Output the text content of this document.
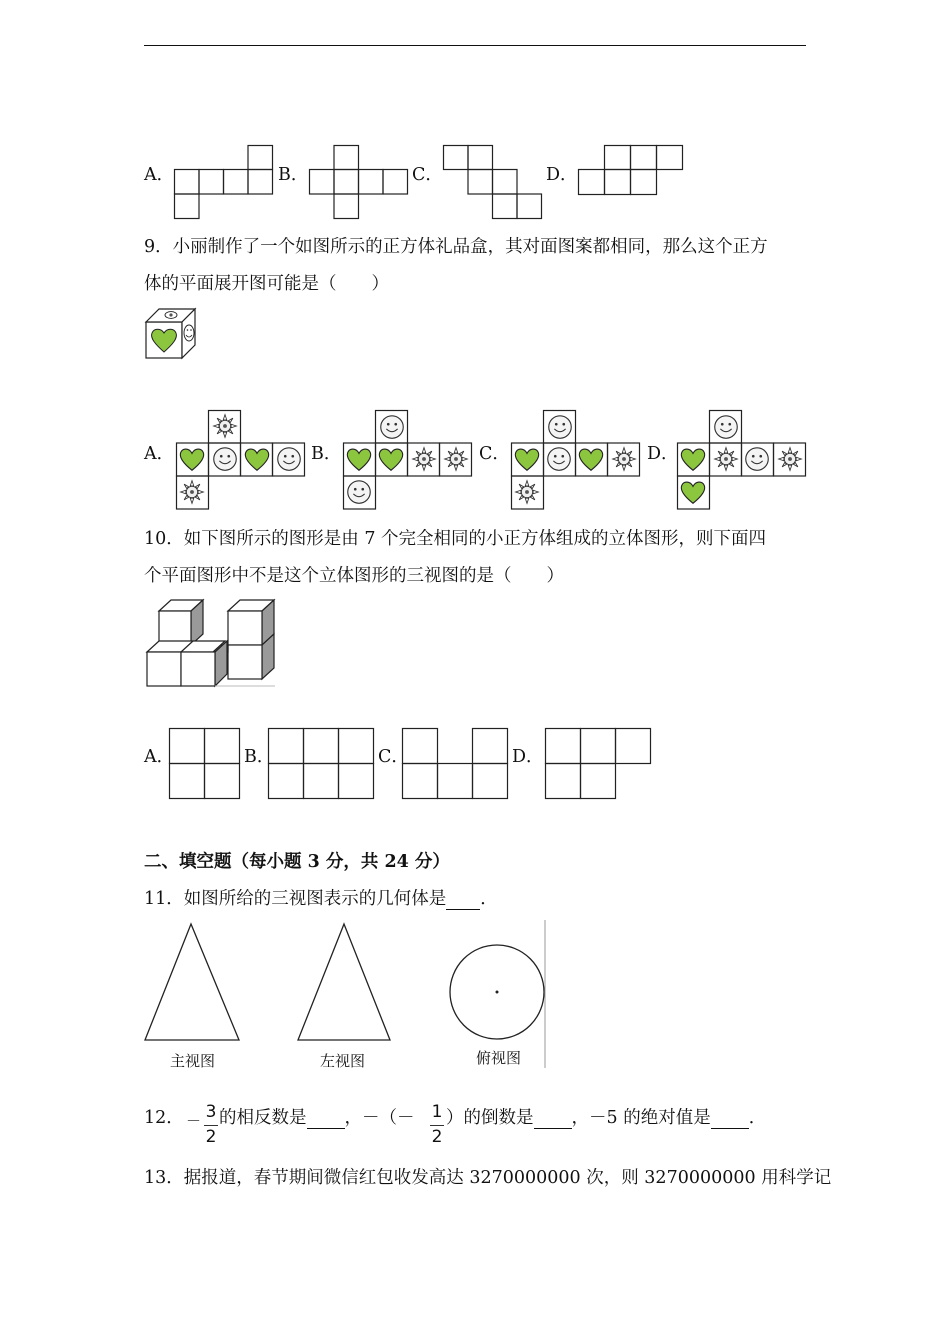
A．	B．	C．	D．
9．小丽制作了一个如图所示的正方体礼品盒，其对面图案都相同，那么这个正方
体的平面展开图可能是（　　）
A．	B．	C．	D．
10．如下图所示的图形是由 7 个完全相同的小正方体组成的立体图形，则下面四
个平面图形中不是这个立体图形的三视图的是（　　）
A．	B．	C．	D．
二、填空题（每小题 3 分，共 24 分）
11．如图所给的三视图表示的几何体是 ．
主视图	左视图	俯视图
12． － 3
2
的相反数是 ，－（－ 1
2
）的倒数是 ，－5 的绝对值是 ．
13．据报道，春节期间微信红包收发高达 3270000000 次，则 3270000000 用科学记
